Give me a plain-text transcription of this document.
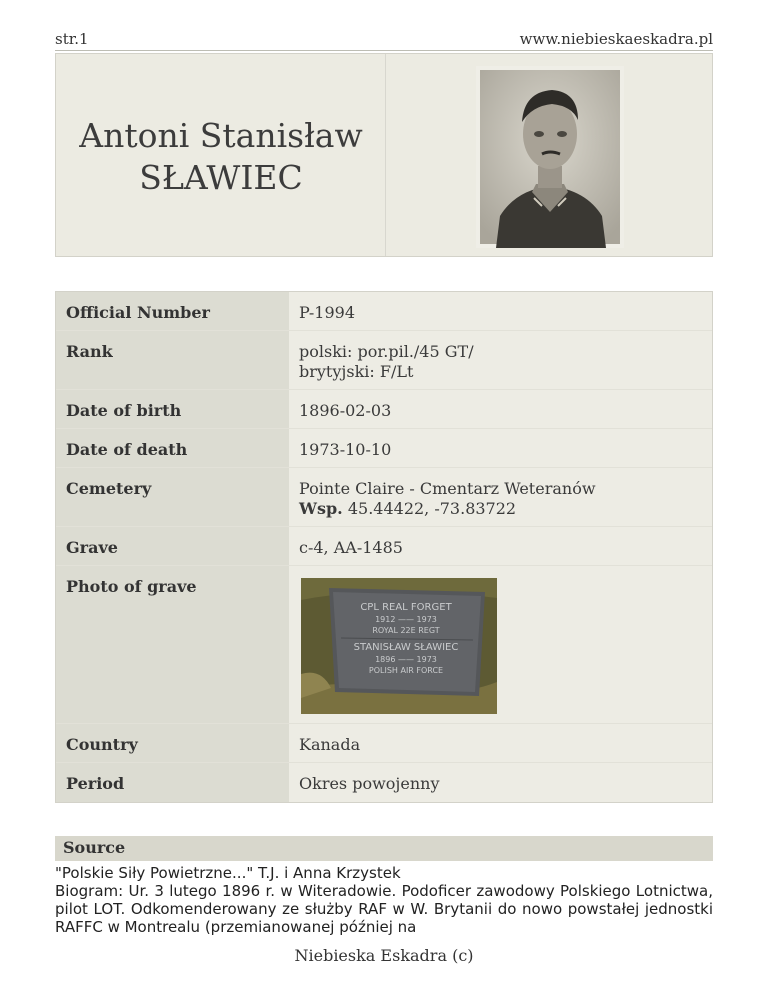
str.1	www.niebieskaeskadra.pl
Antoni Stanisław
SŁAWIEC
Official Number	P-1994
Rank	polski: por.pil./45 GT/
brytyjski: F/Lt
Date of birth	1896-02-03
Date of death	1973-10-10
Cemetery	Pointe Claire - Cmentarz Weteranów
Wsp. 45.44422, -73.83722
Grave	c-4, AA-1485
Photo of grave
CPL REAL FORGET
1912 —— 1973
ROYAL 22E REGT
STANISŁAW SŁAWIEC
1896 —— 1973
POLISH AIR FORCE
Country	Kanada
Period	Okres powojenny
Source
"Polskie Siły Powietrzne..." T.J. i Anna Krzystek
Biogram: Ur. 3 lutego 1896 r. w Witeradowie. Podoficer zawodowy Polskiego Lotnictwa, pilot LOT. Odkomenderowany ze służby RAF w W. Brytanii do nowo powstałej jednostki RAFFC w Montrealu (przemianowanej później na
Niebieska Eskadra (c)
